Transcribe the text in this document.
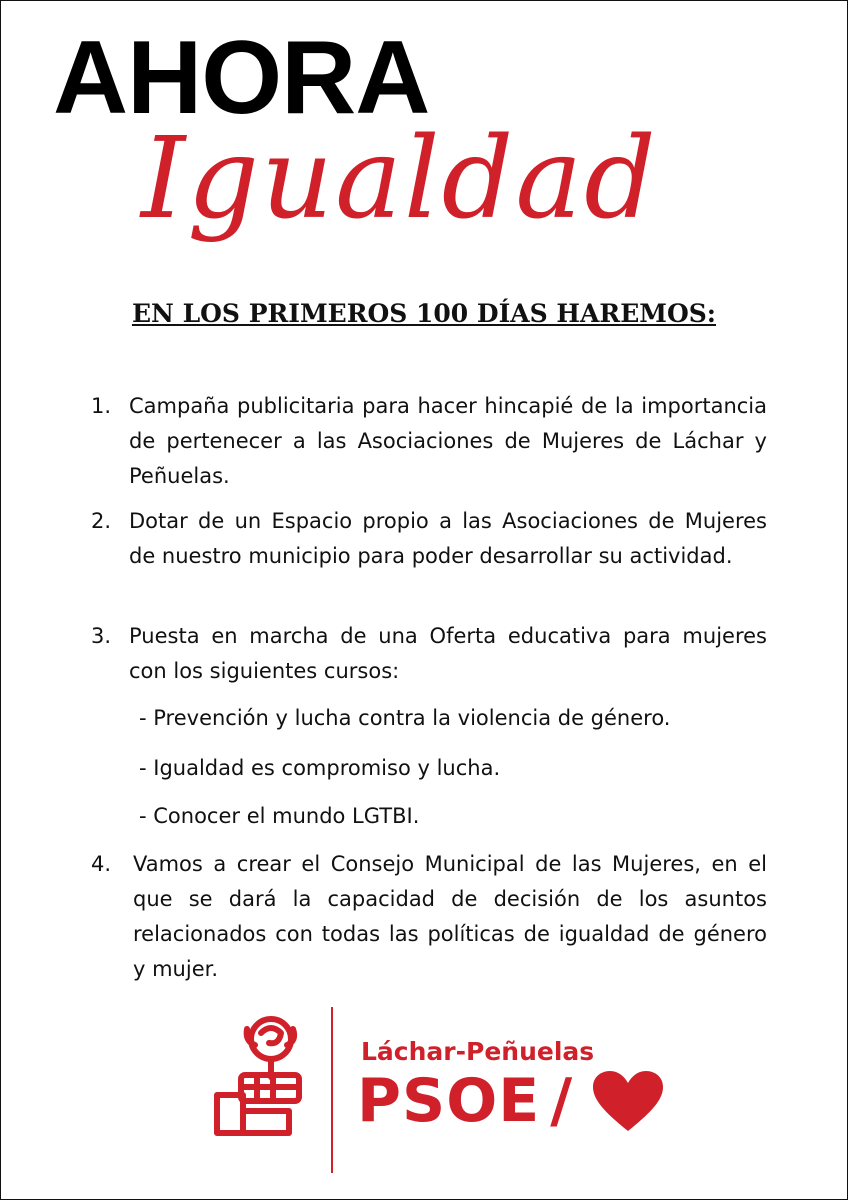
AHORA
Igualdad
EN LOS PRIMEROS 100 DÍAS HAREMOS:
1. Campaña publicitaria para hacer hincapié de la importancia de pertenecer a las Asociaciones de Mujeres de Láchar y Peñuelas.
2. Dotar de un Espacio propio a las Asociaciones de Mujeres de nuestro municipio para poder desarrollar su actividad.
3. Puesta en marcha de una Oferta educativa para mujeres con los siguientes cursos:
- Prevención y lucha contra la violencia de género.
- Igualdad es compromiso y lucha.
- Conocer el mundo LGTBI.
4.	Vamos a crear el Consejo Municipal de las Mujeres, en el que se dará la capacidad de decisión de los asuntos relacionados con todas las políticas de igualdad de género y mujer.
Láchar-Peñuelas
PSOE /
